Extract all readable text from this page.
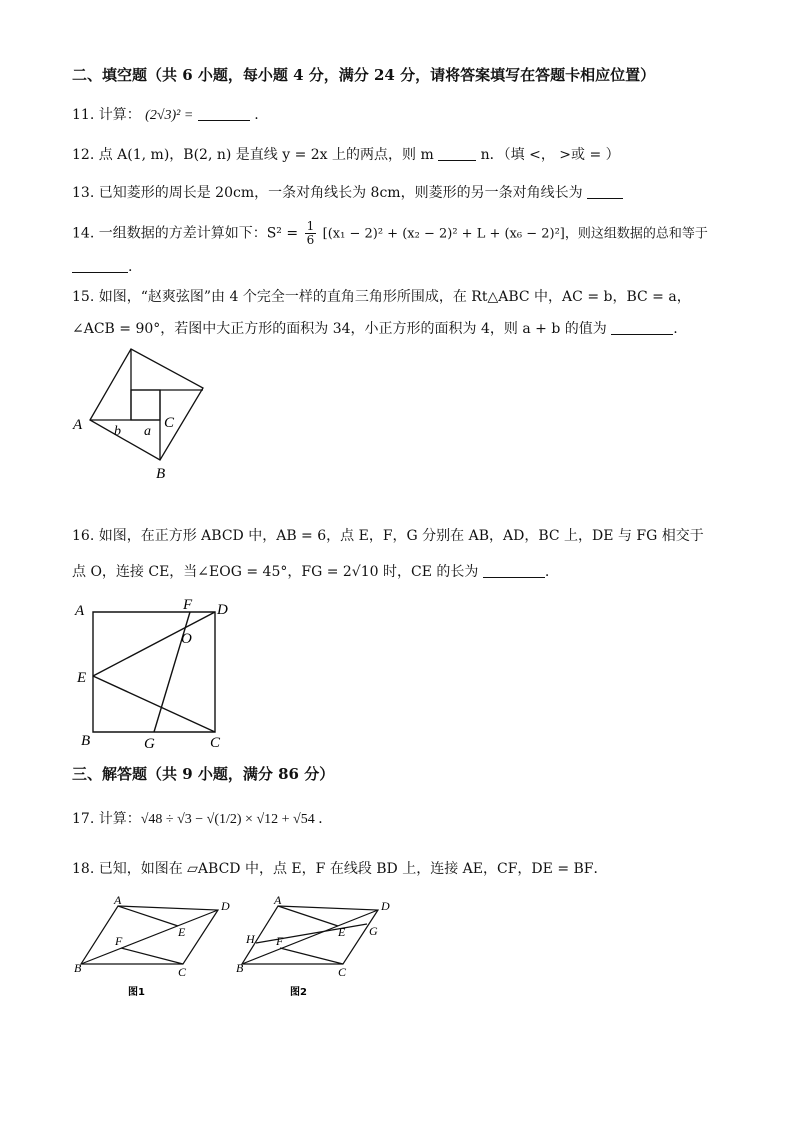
二、填空题（共 6 小题，每小题 4 分，满分 24 分，请将答案填写在答题卡相应位置）
11. 计算： (2√3)² =	.
12. 点 A(1, m)，B(2, n) 是直线 y = 2x 上的两点，则 m	n．（填 <， >或 = ）
13. 已知菱形的周长是 20cm，一条对角线长为 8cm，则菱形的另一条对角线长为
14. 一组数据的方差计算如下：$S^2 = \frac{1}{6} [(x_1 - 2)^2 + (x_2 - 2)^2 + L + (x_6 - 2)^2]$，则这组数据的总和等于
.
15. 如图，“赵爽弦图”由 4 个完全一样的直角三角形所围成，在 Rt△ABC 中，AC = b，BC = a，
∠ACB = 90°，若图中大正方形的面积为 34，小正方形的面积为 4，则 a + b 的值为	.
A
B
C
b a
16. 如图，在正方形 ABCD 中，AB = 6，点 E，F，G 分别在 AB，AD，BC 上，DE 与 FG 相交于
点 O，连接 CE，当∠EOG = 45°，FG = 2√10 时，CE 的长为	.
A
B	C
D
E
F
G
O
三、解答题（共 9 小题，满分 86 分）
17. 计算：√48 ÷ √3 − √(1/2) × √12 + √54 ．
18. 已知，如图在 ▱ABCD 中，点 E，F 在线段 BD 上，连接 AE，CF，DE = BF．
A
B	C
D
E
F
图1
A
B	C
D
E
F
G
H
图2
